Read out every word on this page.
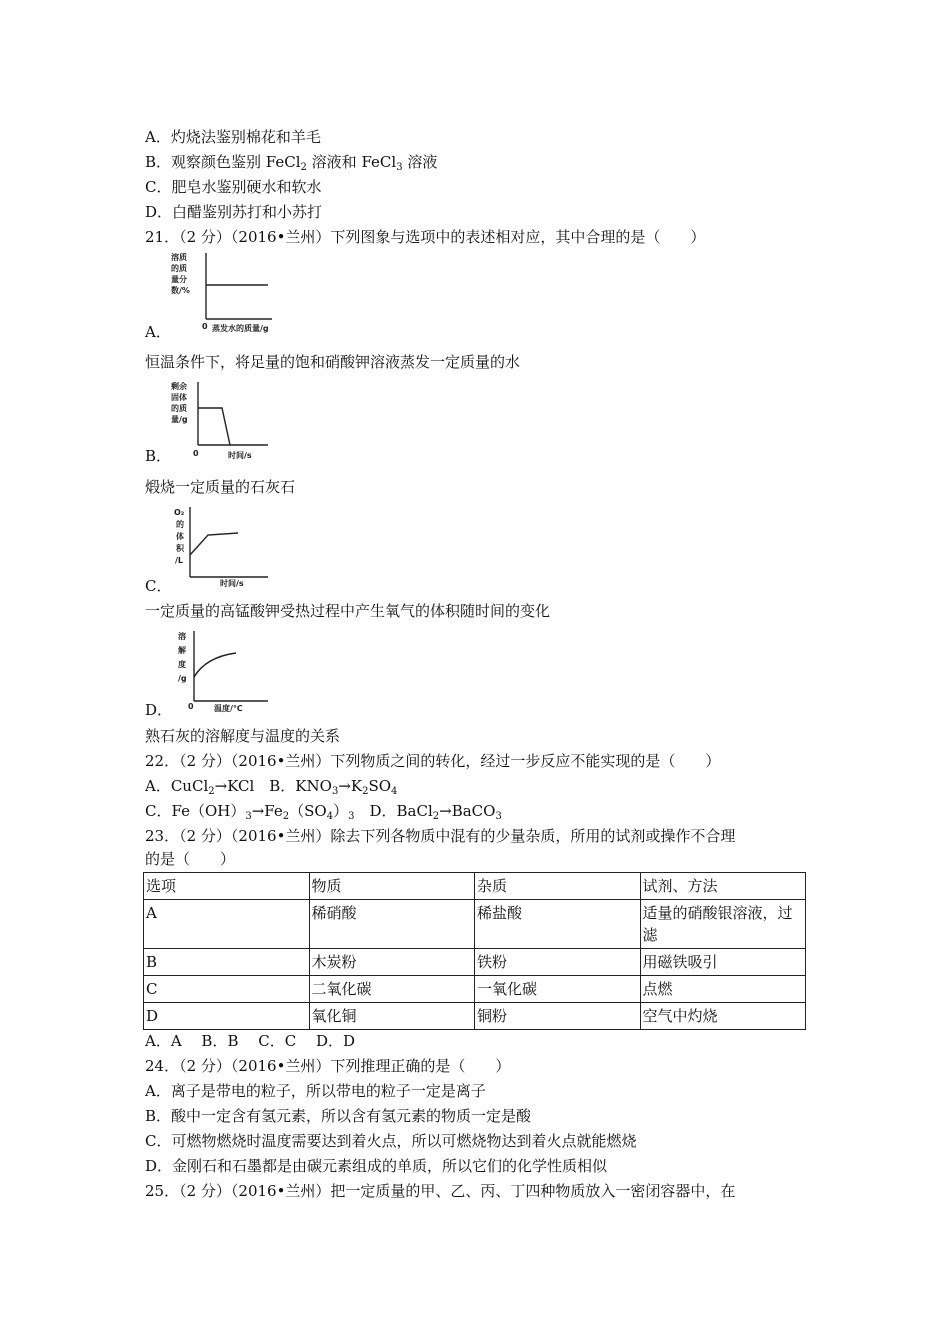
A．灼烧法鉴别棉花和羊毛
B．观察颜色鉴别 FeCl$_2$ 溶液和 FeCl$_3$ 溶液
C．肥皂水鉴别硬水和软水
D．白醋鉴别苏打和小苏打
21．（2 分）（2016•兰州）下列图象与选项中的表述相对应，其中合理的是（　　）
溶质
的质
量分
数/%
0 蒸发水的质量/g
A．
恒温条件下，将足量的饱和硝酸钾溶液蒸发一定质量的水
剩余
固体
的质
量/g
0	时间/s
B．
煅烧一定质量的石灰石
O₂
的
体
积
/L
时间/s
C．
一定质量的高锰酸钾受热过程中产生氧气的体积随时间的变化
溶
解
度
/g
0	温度/℃
D．
熟石灰的溶解度与温度的关系
22．（2 分）（2016•兰州）下列物质之间的转化，经过一步反应不能实现的是（　　）
A．CuCl$_2$→KCl　B．$KNO_3\to K_2SO_4$
C．$Fe(OH)_3\to Fe_2(SO_4)_3$　D．BaCl$_2$→BaCO$_3$
23．（2 分）（2016•兰州）除去下列各物质中混有的少量杂质，所用的试剂或操作不合理
的是（　　）
选项	物质	杂质	试剂、方法
A	稀硝酸	稀盐酸	适量的硝酸银溶液，过滤
B	木炭粉	铁粉	用磁铁吸引
C	二氧化碳	一氧化碳	点燃
D	氧化铜	铜粉	空气中灼烧
A．A　 B．B　 C．C　 D．D
24．（2 分）（2016•兰州）下列推理正确的是（　　）
A．离子是带电的粒子，所以带电的粒子一定是离子
B．酸中一定含有氢元素，所以含有氢元素的物质一定是酸
C．可燃物燃烧时温度需要达到着火点，所以可燃烧物达到着火点就能燃烧
D．金刚石和石墨都是由碳元素组成的单质，所以它们的化学性质相似
25．（2 分）（2016•兰州）把一定质量的甲、乙、丙、丁四种物质放入一密闭容器中，在
